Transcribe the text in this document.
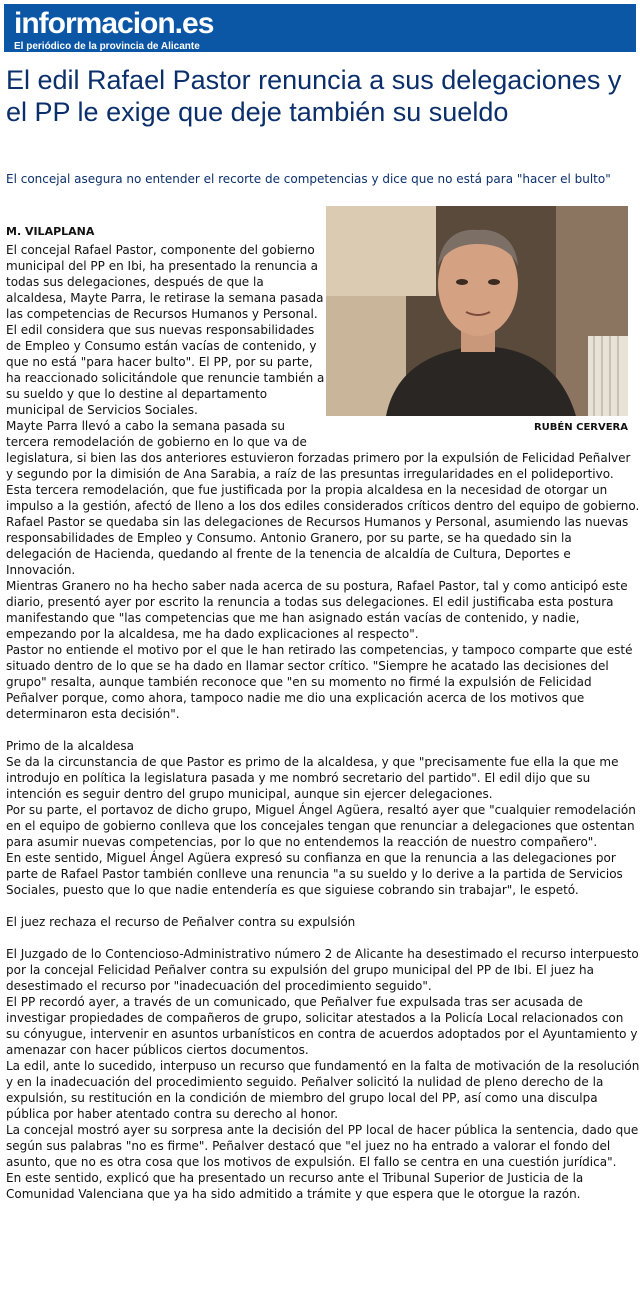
informacion.es
El periódico de la provincia de Alicante
El edil Rafael Pastor renuncia a sus delegaciones y el PP le exige que deje también su sueldo
El concejal asegura no entender el recorte de competencias y dice que no está para "hacer el bulto"
M. VILAPLANA
RUBÉN CERVERA

El concejal Rafael Pastor, componente del gobierno municipal del PP en Ibi, ha presentado la renuncia a todas sus delegaciones, después de que la alcaldesa, Mayte Parra, le retirase la semana pasada las competencias de Recursos Humanos y Personal. El edil considera que sus nuevas responsabilidades de Empleo y Consumo están vacías de contenido, y que no está "para hacer bulto". El PP, por su parte, ha reaccionado solicitándole que renuncie también a su sueldo y que lo destine al departamento municipal de Servicios Sociales.

Mayte Parra llevó a cabo la semana pasada su tercera remodelación de gobierno en lo que va de legislatura, si bien las dos anteriores estuvieron forzadas primero por la expulsión de Felicidad Peñalver y segundo por la dimisión de Ana Sarabia, a raíz de las presuntas irregularidades en el polideportivo.

Esta tercera remodelación, que fue justificada por la propia alcaldesa en la necesidad de otorgar un impulso a la gestión, afectó de lleno a los dos ediles considerados críticos dentro del equipo de gobierno. Rafael Pastor se quedaba sin las delegaciones de Recursos Humanos y Personal, asumiendo las nuevas responsabilidades de Empleo y Consumo. Antonio Granero, por su parte, se ha quedado sin la delegación de Hacienda, quedando al frente de la tenencia de alcaldía de Cultura, Deportes e Innovación.

Mientras Granero no ha hecho saber nada acerca de su postura, Rafael Pastor, tal y como anticipó este diario, presentó ayer por escrito la renuncia a todas sus delegaciones. El edil justificaba esta postura manifestando que "las competencias que me han asignado están vacías de contenido, y nadie, empezando por la alcaldesa, me ha dado explicaciones al respecto".

Pastor no entiende el motivo por el que le han retirado las competencias, y tampoco comparte que esté situado dentro de lo que se ha dado en llamar sector crítico. "Siempre he acatado las decisiones del grupo" resalta, aunque también reconoce que "en su momento no firmé la expulsión de Felicidad Peñalver porque, como ahora, tampoco nadie me dio una explicación acerca de los motivos que determinaron esta decisión".

Primo de la alcaldesa

Se da la circunstancia de que Pastor es primo de la alcaldesa, y que "precisamente fue ella la que me introdujo en política la legislatura pasada y me nombró secretario del partido". El edil dijo que su intención es seguir dentro del grupo municipal, aunque sin ejercer delegaciones.

Por su parte, el portavoz de dicho grupo, Miguel Ángel Agüera, resaltó ayer que "cualquier remodelación en el equipo de gobierno conlleva que los concejales tengan que renunciar a delegaciones que ostentan para asumir nuevas competencias, por lo que no entendemos la reacción de nuestro compañero".

En este sentido, Miguel Ángel Agüera expresó su confianza en que la renuncia a las delegaciones por parte de Rafael Pastor también conlleve una renuncia "a su sueldo y lo derive a la partida de Servicios Sociales, puesto que lo que nadie entendería es que siguiese cobrando sin trabajar", le espetó.

El juez rechaza el recurso de Peñalver contra su expulsión

El Juzgado de lo Contencioso-Administrativo número 2 de Alicante ha desestimado el recurso interpuesto por la concejal Felicidad Peñalver contra su expulsión del grupo municipal del PP de Ibi. El juez ha desestimado el recurso por "inadecuación del procedimiento seguido".

El PP recordó ayer, a través de un comunicado, que Peñalver fue expulsada tras ser acusada de investigar propiedades de compañeros de grupo, solicitar atestados a la Policía Local relacionados con su cónyugue, intervenir en asuntos urbanísticos en contra de acuerdos adoptados por el Ayuntamiento y amenazar con hacer públicos ciertos documentos.

La edil, ante lo sucedido, interpuso un recurso que fundamentó en la falta de motivación de la resolución y en la inadecuación del procedimiento seguido. Peñalver solicitó la nulidad de pleno derecho de la expulsión, su restitución en la condición de miembro del grupo local del PP, así como una disculpa pública por haber atentado contra su derecho al honor.

La concejal mostró ayer su sorpresa ante la decisión del PP local de hacer pública la sentencia, dado que según sus palabras "no es firme". Peñalver destacó que "el juez no ha entrado a valorar el fondo del asunto, que no es otra cosa que los motivos de expulsión. El fallo se centra en una cuestión jurídica".

En este sentido, explicó que ha presentado un recurso ante el Tribunal Superior de Justicia de la Comunidad Valenciana que ya ha sido admitido a trámite y que espera que le otorgue la razón.
